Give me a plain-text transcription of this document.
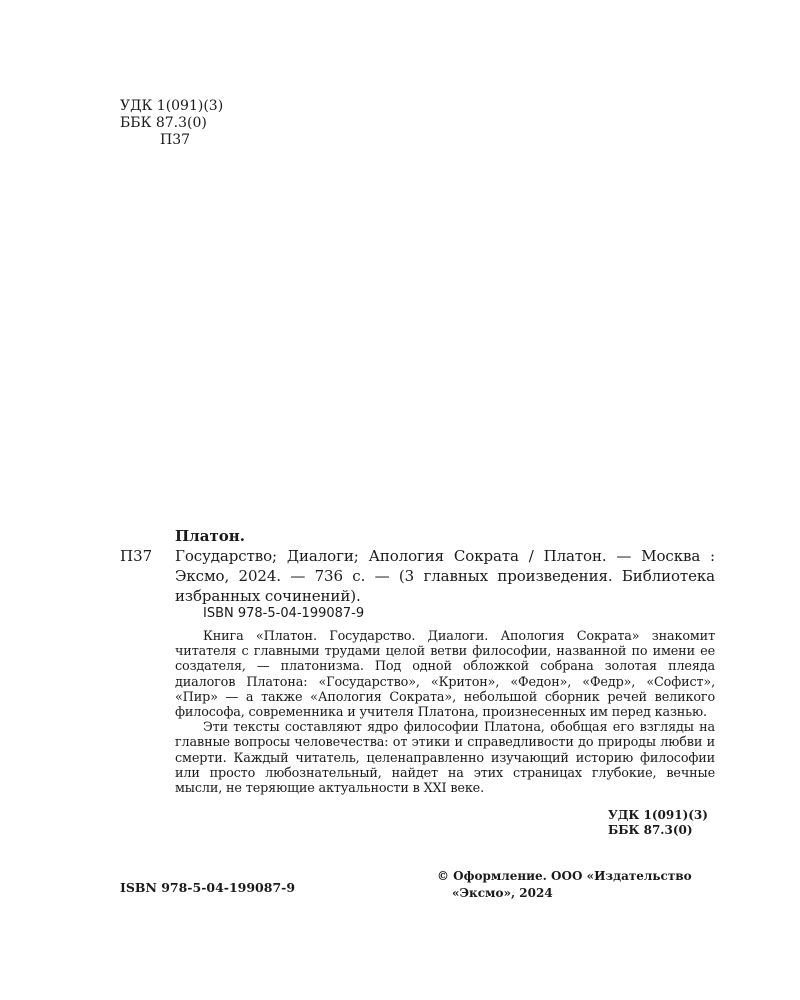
УДК 1(091)(3)
ББК 87.3(0)
П37
Платон.
П37 Государство; Диалоги; Апология Сократа / Платон. — Москва : Эксмо, 2024. — 736 с. — (3 главных произведения. Библиотека избранных сочинений).
ISBN 978-5-04-199087-9

Книга «Платон. Государство. Диалоги. Апология Сократа» знакомит читателя с главными трудами целой ветви философии, названной по имени ее создателя, — платонизма. Под одной обложкой собрана золотая плеяда диалогов Платона: «Государство», «Критон», «Федон», «Федр», «Софист», «Пир» — а также «Апология Сократа», небольшой сборник речей великого философа, современника и учителя Платона, произнесенных им перед казнью.

Эти тексты составляют ядро философии Платона, обобщая его взгляды на главные вопросы человечества: от этики и справедливости до природы любви и смерти. Каждый читатель, целенаправленно изучающий историю философии или просто любознательный, найдет на этих страницах глубокие, вечные мысли, не теряющие актуальности в XXI веке.

УДК 1(091)(3)
ББК 87.3(0)
ISBN 978-5-04-199087-9
© Оформление. ООО «Издательство
«Эксмо», 2024
